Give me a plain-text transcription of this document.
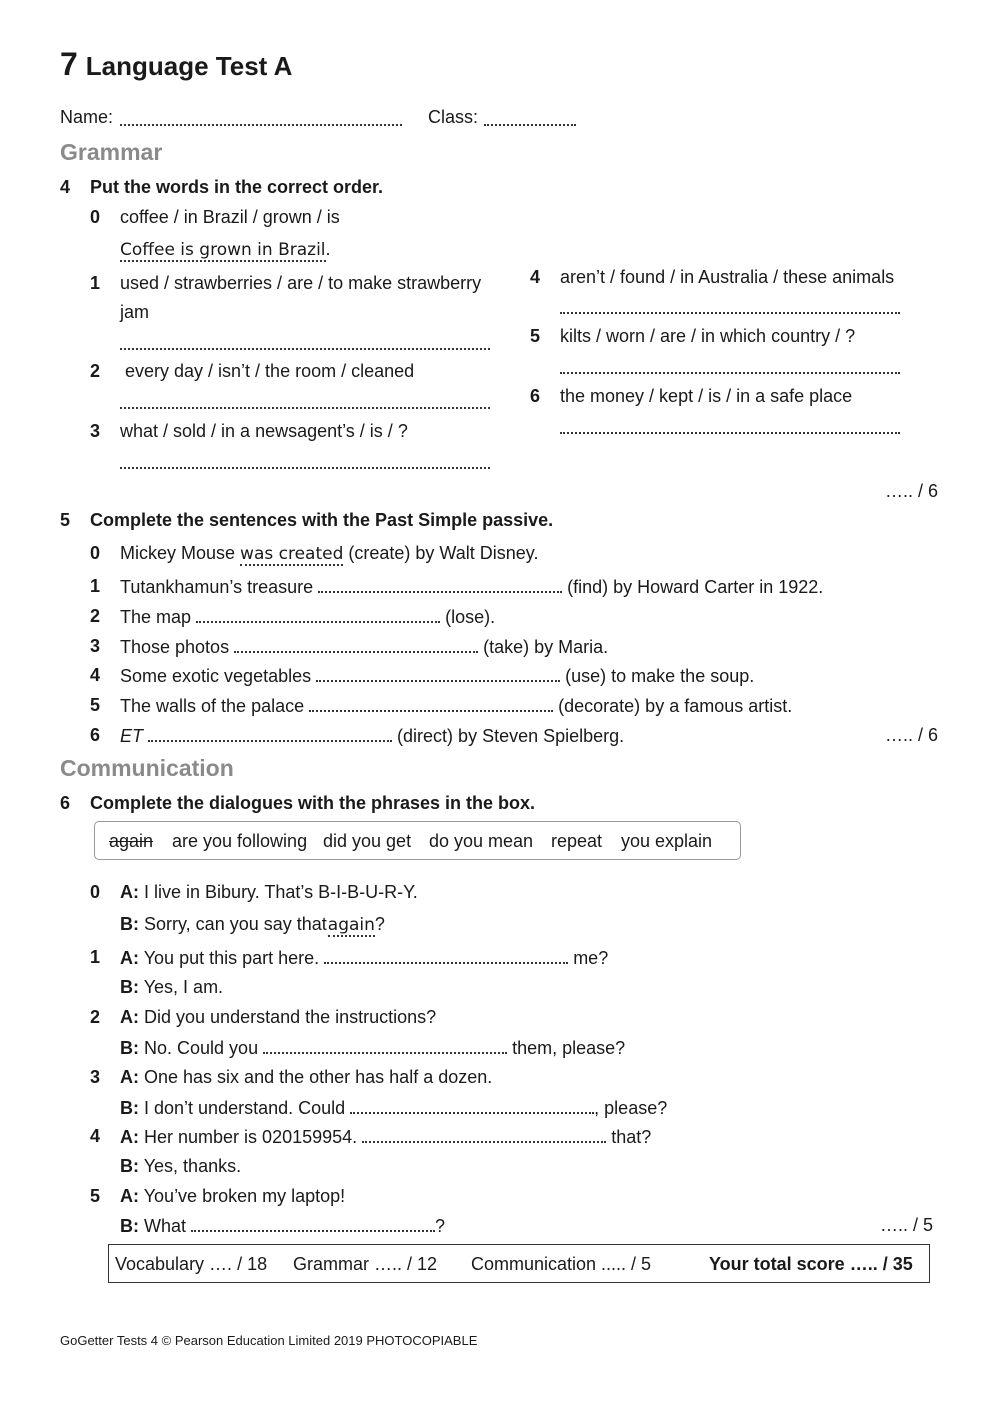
7 Language Test A
Name:	Class:
Grammar
4 Put the words in the correct order.
0 coffee / in Brazil / grown / is
Coffee is grown in Brazil.
1 used / strawberries / are / to make strawberry
jam
2 every day / isn’t / the room / cleaned
3 what / sold / in a newsagent’s / is / ?
4 aren’t / found / in Australia / these animals
5 kilts / worn / are / in which country / ?
6 the money / kept / is / in a safe place
….. / 6
5 Complete the sentences with the Past Simple passive.
0 Mickey Mouse was created (create) by Walt Disney.
1 Tutankhamun’s treasure	(find) by Howard Carter in 1922.
2 The map	(lose).
3 Those photos	(take) by Maria.
4 Some exotic vegetables	(use) to make the soup.
5 The walls of the palace	(decorate) by a famous artist.
6 ET	(direct) by Steven Spielberg.	….. / 6
Communication
6 Complete the dialogues with the phrases in the box.
again are you following did you get do you mean repeat you explain
0 A: I live in Bibury. That’s B-I-B-U-R-Y.
B: Sorry, can you say that again?
1 A: You put this part here.	me?
B: Yes, I am.
2 A: Did you understand the instructions?
B: No. Could you	them, please?
3 A: One has six and the other has half a dozen.
B: I don’t understand. Could	, please?
4 A: Her number is 020159954.	that?
B: Yes, thanks.
5 A: You’ve broken my laptop!
B: What	?	….. / 5
Vocabulary …. / 18 Grammar ….. / 12 Communication ..... / 5	Your total score ….. / 35
GoGetter Tests 4 © Pearson Education Limited 2019 PHOTOCOPIABLE
